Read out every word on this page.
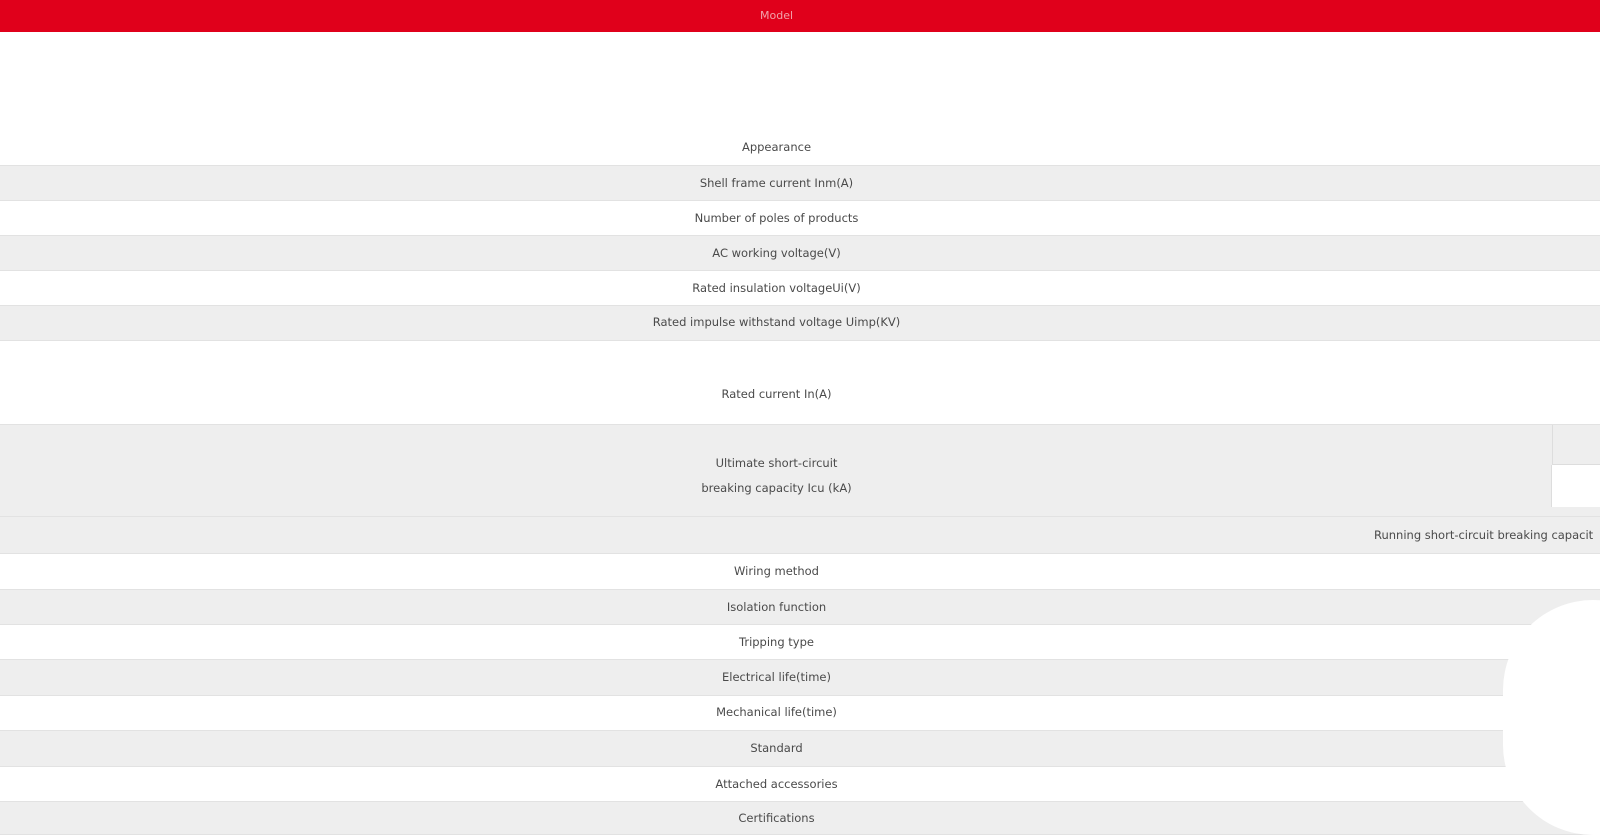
Model
Appearance
Shell frame current Inm(A)
Number of poles of products
AC working voltage(V)
Rated insulation voltageUi(V)
Rated impulse withstand voltage Uimp(KV)
Rated current In(A)
Ultimate short-circuit
breaking capacity Icu (kA)
Running short-circuit breaking capacit
Wiring method
Isolation function
Tripping type
Electrical life(time)
Mechanical life(time)
Standard
Attached accessories
Certifications
